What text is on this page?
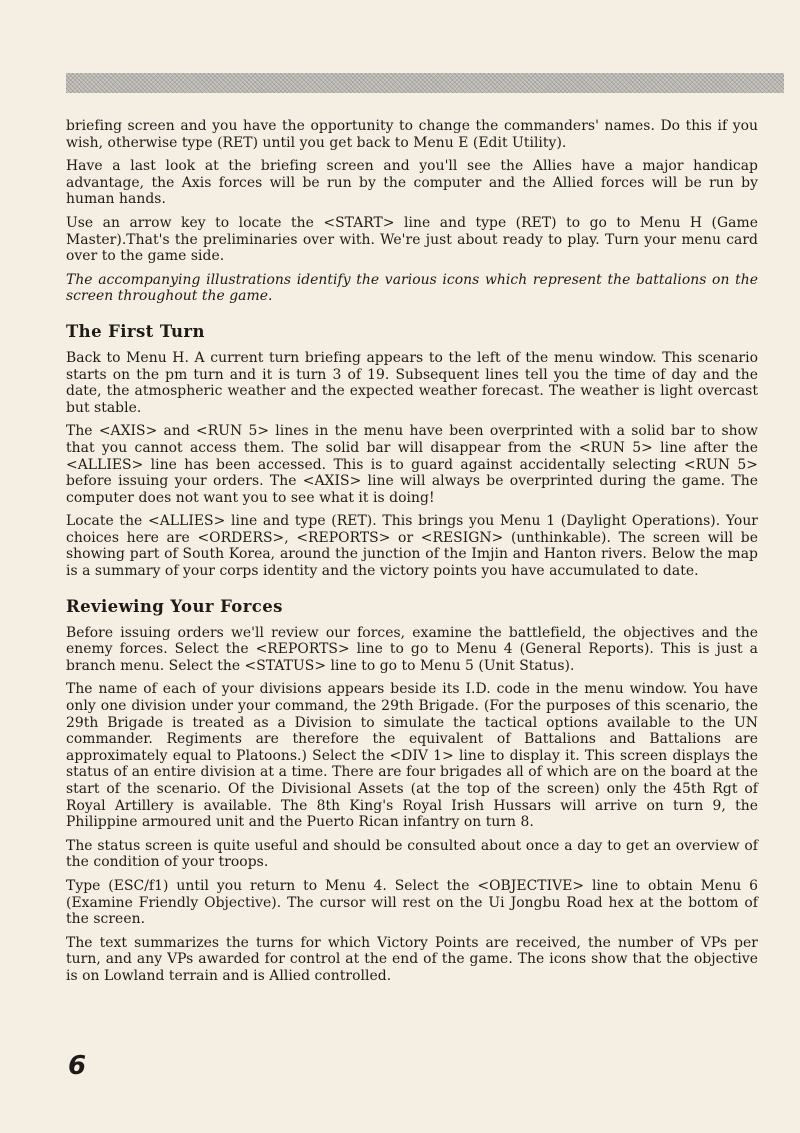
briefing screen and you have the opportunity to change the commanders' names. Do this if you wish, otherwise type (RET) until you get back to Menu E (Edit Utility).

Have a last look at the briefing screen and you'll see the Allies have a major handicap advantage, the Axis forces will be run by the computer and the Allied forces will be run by human hands.

Use an arrow key to locate the <START> line and type (RET) to go to Menu H (Game Master).That's the preliminaries over with. We're just about ready to play. Turn your menu card over to the game side.

The accompanying illustrations identify the various icons which represent the battalions on the screen throughout the game.

The First Turn

Back to Menu H. A current turn briefing appears to the left of the menu window. This scenario starts on the pm turn and it is turn 3 of 19. Subsequent lines tell you the time of day and the date, the atmospheric weather and the expected weather forecast. The weather is light overcast but stable.

The <AXIS> and <RUN 5> lines in the menu have been overprinted with a solid bar to show that you cannot access them. The solid bar will disappear from the <RUN 5> line after the <ALLIES> line has been accessed. This is to guard against accidentally selecting <RUN 5> before issuing your orders. The <AXIS> line will always be overprinted during the game. The computer does not want you to see what it is doing!

Locate the <ALLIES> line and type (RET). This brings you Menu 1 (Daylight Operations). Your choices here are <ORDERS>, <REPORTS> or <RESIGN> (unthinkable). The screen will be showing part of South Korea, around the junction of the Imjin and Hanton rivers. Below the map is a summary of your corps identity and the victory points you have accumulated to date.

Reviewing Your Forces

Before issuing orders we'll review our forces, examine the battlefield, the objectives and the enemy forces. Select the <REPORTS> line to go to Menu 4 (General Reports). This is just a branch menu. Select the <STATUS> line to go to Menu 5 (Unit Status).

The name of each of your divisions appears beside its I.D. code in the menu window. You have only one division under your command, the 29th Brigade. (For the purposes of this scenario, the 29th Brigade is treated as a Division to simulate the tactical options available to the UN commander. Regiments are therefore the equivalent of Battalions and Battalions are approximately equal to Platoons.) Select the <DIV 1> line to display it. This screen displays the status of an entire division at a time. There are four brigades all of which are on the board at the start of the scenario. Of the Divisional Assets (at the top of the screen) only the 45th Rgt of Royal Artillery is available. The 8th King's Royal Irish Hussars will arrive on turn 9, the Philippine armoured unit and the Puerto Rican infantry on turn 8.

The status screen is quite useful and should be consulted about once a day to get an overview of the condition of your troops.

Type (ESC/f1) until you return to Menu 4. Select the <OBJECTIVE> line to obtain Menu 6 (Examine Friendly Objective). The cursor will rest on the Ui Jongbu Road hex at the bottom of the screen.

The text summarizes the turns for which Victory Points are received, the number of VPs per turn, and any VPs awarded for control at the end of the game. The icons show that the objective is on Lowland terrain and is Allied controlled.

6
